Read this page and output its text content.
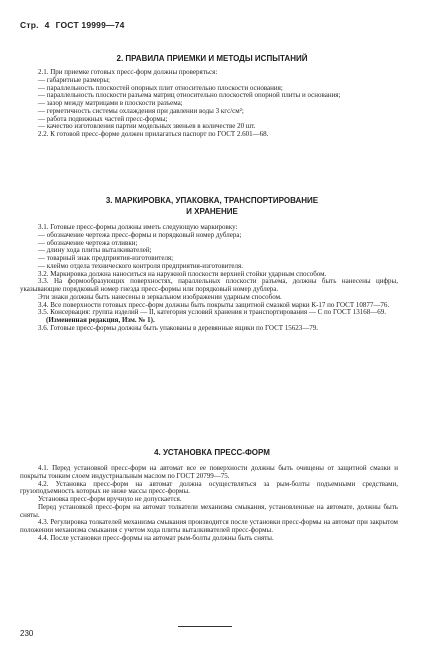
Стр. 4 ГОСТ 19999—74
2. ПРАВИЛА ПРИЕМКИ И МЕТОДЫ ИСПЫТАНИЙ

2.1. При приемке готовых пресс-форм должны проверяться:

— габаритные размеры;

— параллельность плоскостей опорных плит относительно плоскости основания;

— параллельность плоскости разъема матриц относительно плоскостей опорной плиты и основания;

— зазор между матрицами в плоскости разъема;

— герметичность системы охлаждения при давлении воды 3 кгс/см²;

— работа подвижных частей пресс-формы;

— качество изготовления партии модельных звеньев в количестве 20 шт.

2.2. К готовой пресс-форме должен прилагаться паспорт по ГОСТ 2.601—68.

3. МАРКИРОВКА, УПАКОВКА, ТРАНСПОРТИРОВАНИЕ
И ХРАНЕНИЕ

3.1. Готовые пресс-формы должны иметь следующую маркировку:

— обозначение чертежа пресс-формы и порядковый номер дублера;

— обозначение чертежа отливки;

— длину хода плиты выталкивателей;

— товарный знак предприятия-изготовителя;

— клеймо отдела технического контроля предприятия-изготовителя.

3.2. Маркировка должна наноситься на наружной плоскости верхней стойки ударным способом.

3.3. На формообразующих поверхностях, параллельных плоскости разъема, должны быть нанесены цифры, указывающие порядковый номер гнезда пресс-формы или порядковый номер дублера.

Эти знаки должны быть нанесены в зеркальном изображении ударным способом.

3.4. Все поверхности готовых пресс-форм должны быть покрыты защитной смазкой марки К-17 по ГОСТ 10877—76.

3.5. Консервация: группа изделий — II, категория условий хранения и транспортирования — С по ГОСТ 13168—69.

(Измененная редакция, Изм. № 1).

3.6. Готовые пресс-формы должны быть упакованы в деревянные ящики по ГОСТ 15623—79.

4. УСТАНОВКА ПРЕСС-ФОРМ

4.1. Перед установкой пресс-форм на автомат все ее поверхности должны быть очищены от защитной смазки и покрыты тонким слоем индустриальным маслом по ГОСТ 20799—75.

4.2. Установка пресс-форм на автомат должна осуществляться за рым-болты подъемными средствами, грузоподъемность которых не ниже массы пресс-формы.

Установка пресс-форм вручную не допускается.

Перед установкой пресс-форм на автомат толкатели механизма смыкания, установленные на автомате, должны быть сняты.

4.3. Регулировка толкателей механизма смыкания производится после установки пресс-формы на автомат при закрытом положении механизма смыкания с учетом хода плиты выталкивателей пресс-формы.

4.4. После установки пресс-формы на автомат рым-болты должны быть сняты.

230
